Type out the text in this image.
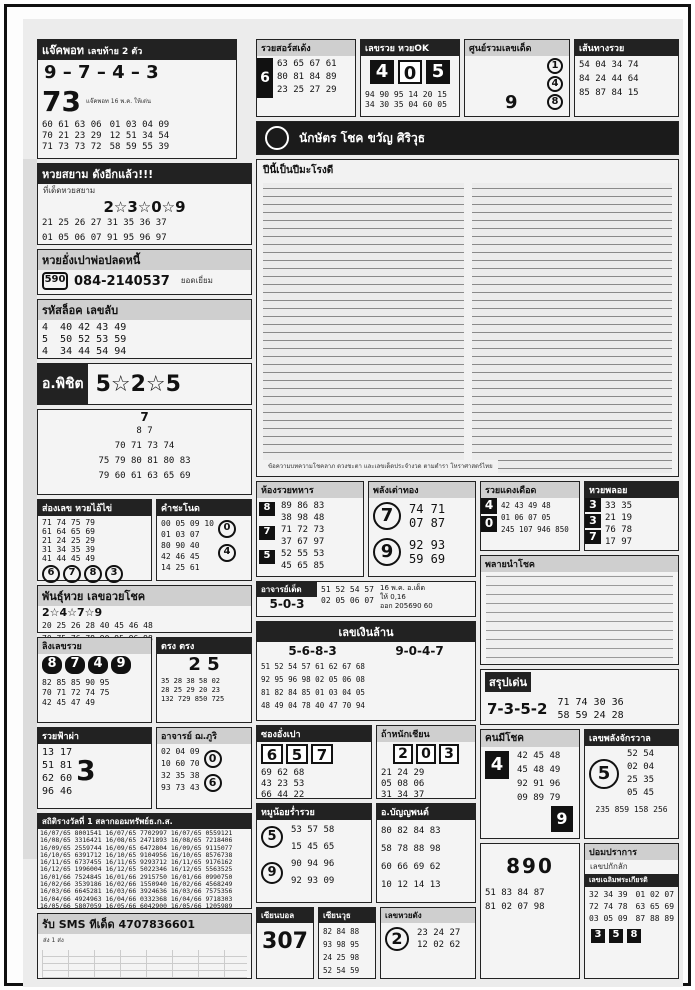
แจ๊คพอท เลขท้าย 2 ตัว
9 – 7 – 4 – 3
73 แจ๊คพอท 16 พ.ค. ให้เด่น
60 61 63 06
70 21 23 29
71 73 73 72
01 03 04 09
12 51 34 54
58 59 55 39
หวยสยาม ดังอีกแล้ว!!!
ที่เด็ดหวยสยาม
2☆3☆0☆9
21 25 26 27 31 35 36 37
01 05 06 07 91 95 96 97
หวยอั่งเปาพ่อปลดหนี้
590 084-2140537	ยอดเยี่ยม
รหัสล็อค เลขลับ
4  40 42 43 49
5  50 52 53 59
4  34 44 54 94
อ.พิชิต 5☆2☆5
7
8 7
70 71 73 74
75 79 80 81 80 83
79 60 61 63 65 69
ส่องเลข หวยไอ้ไข่
71 74 75 79
61 64 65 69
21 24 25 29
31 34 35 39
41 44 45 49
6	7	8	3
คำชะโนด
00 05 09 10
01 03 07
80 90 40
42 46 45
14 25 61
0
4
พันธุ์หวย เลขอวยโชค
2☆4☆7☆9
20 25 26 28 40 45 46 48
ลิงเลขรวย
8	7	4	9
82 85 85 90 95
70 71 72 74 75
42 45 47 49
ตรง ตรง
2 5
35 28 38 58 02
28 25 29 20 23
132 729 850 725
รวยฟ้าผ่า
13 17
51 81
62 60
96 46
3
อาจารย์ ฌ.ภูริ
02 04 09
10 60 70
32 35 38
93 73 43
0
6
สถิติรางวัลที่ 1 สลากออมทรัพย์ธ.ก.ส.
16/07/65 8001541 16/07/65 7702997 16/07/65 0559121
16/08/65 3316421 16/08/65 2471893 16/08/65 7218406
16/09/65 2559744 16/09/65 6472804 16/09/65 9115077
16/10/65 6391712 16/10/65 9104956 16/10/65 8576738
16/11/65 6737455 16/11/65 9293712 16/11/65 9176162
16/12/65 1996004 16/12/65 5022346 16/12/65 5563525
16/01/66 7524845 16/01/66 2915750 16/01/66 0990750
16/02/66 3539186 16/02/66 1550940 16/02/66 4568249
16/03/66 6645281 16/03/66 3924636 16/03/66 7575356
16/04/66 4924963 16/04/66 0332368 16/04/66 9718303
16/05/66 5807059 16/05/66 6042900 16/05/66 1205989
รับ SMS ทีเด็ด 4707836601
ส่ง 1 ส่ง
รวยสอร์สเด้ง
6
63 65 67 61
80 81 84 89
23 25 27 29
เลขรวย หวยOK
4 0 5
94 90 95 14 20 15
34 30 35 04 60 05
ศูนย์รวมเลขเด็ด
1
4
8
9
เส้นทางรวย
54 04 34 74
84 24 44 64
85 87 84 15
นักษัตร โชค ขวัญ ศิริวุธ
ปีนี้เป็นปีมะโรงดี
ข้อความบทความโชคลาภ ดวงชะตา และเลขเด็ดประจำงวด ตามตำรา โหราศาสตร์ไทย
ห้องรวยทหาร
8
7
5
89 86 83
38 98 48
71 72 73
37 67 97
52 55 53
45 65 85
พลังเต่าทอง
7	74 71
07 87
9	92 93
59 69
รวยแดงเดือด
4
0
42 43 49 48
01 06 07 05
245 107 946 850
หวยพลอย
3
3
7
33 35
21 19
76 78
17 97
อาจารย์เด็ด
5-0-3
51 52 54 57
02 05 06 07
16 พ.ค. อ.เด็ด
ให้ 0,16
ออก 205690 60
เลขเงินล้าน
5-6-8-3	9-0-4-7
51 52 54 57 61 62 67 68
92 95 96 98 02 05 06 08
81 82 84 85 01 03 04 05
48 49 04 78 40 47 70 94
พลายนำโชค
สรุปเด่น
7-3-5-2	71 74 30 36
58 59 24 28
ซองอั่งเปา
6 5 7
69 62 68
43 23 53
66 44 22
ถ้าหนักเชียน
2 0 3
21 24 29
05 08 06
31 34 37
หมูน้อยร่ำรวย
5
9
53 57 58
15 45 65
90 94 96
92 93 09
อ.บัญญพนต์
80 82 84 83
58 78 88 98
60 66 69 62
10 12 14 13
คนมีโชค
4	42 45 48
45 48 49
92 91 96
09 89 79
9
เลขพลังจักรวาล
5
52 54
02 04
25 35
05 45
235 859 158 256
ปอมปราการ
เลขปกักลัก
เลขเฉลิมพระเกียรติ
32 34 39
72 74 78
03 05 09
01 02 07
63 65 69
87 88 89
3	5	8
เซียนบอล
307
เซียนวุธ
82 84 88
93 98 95
24 25 98
52 54 59
เลขหวยดัง
2	23 24 27
12 02 62
890
51 83 84 87
81 02 07 98
